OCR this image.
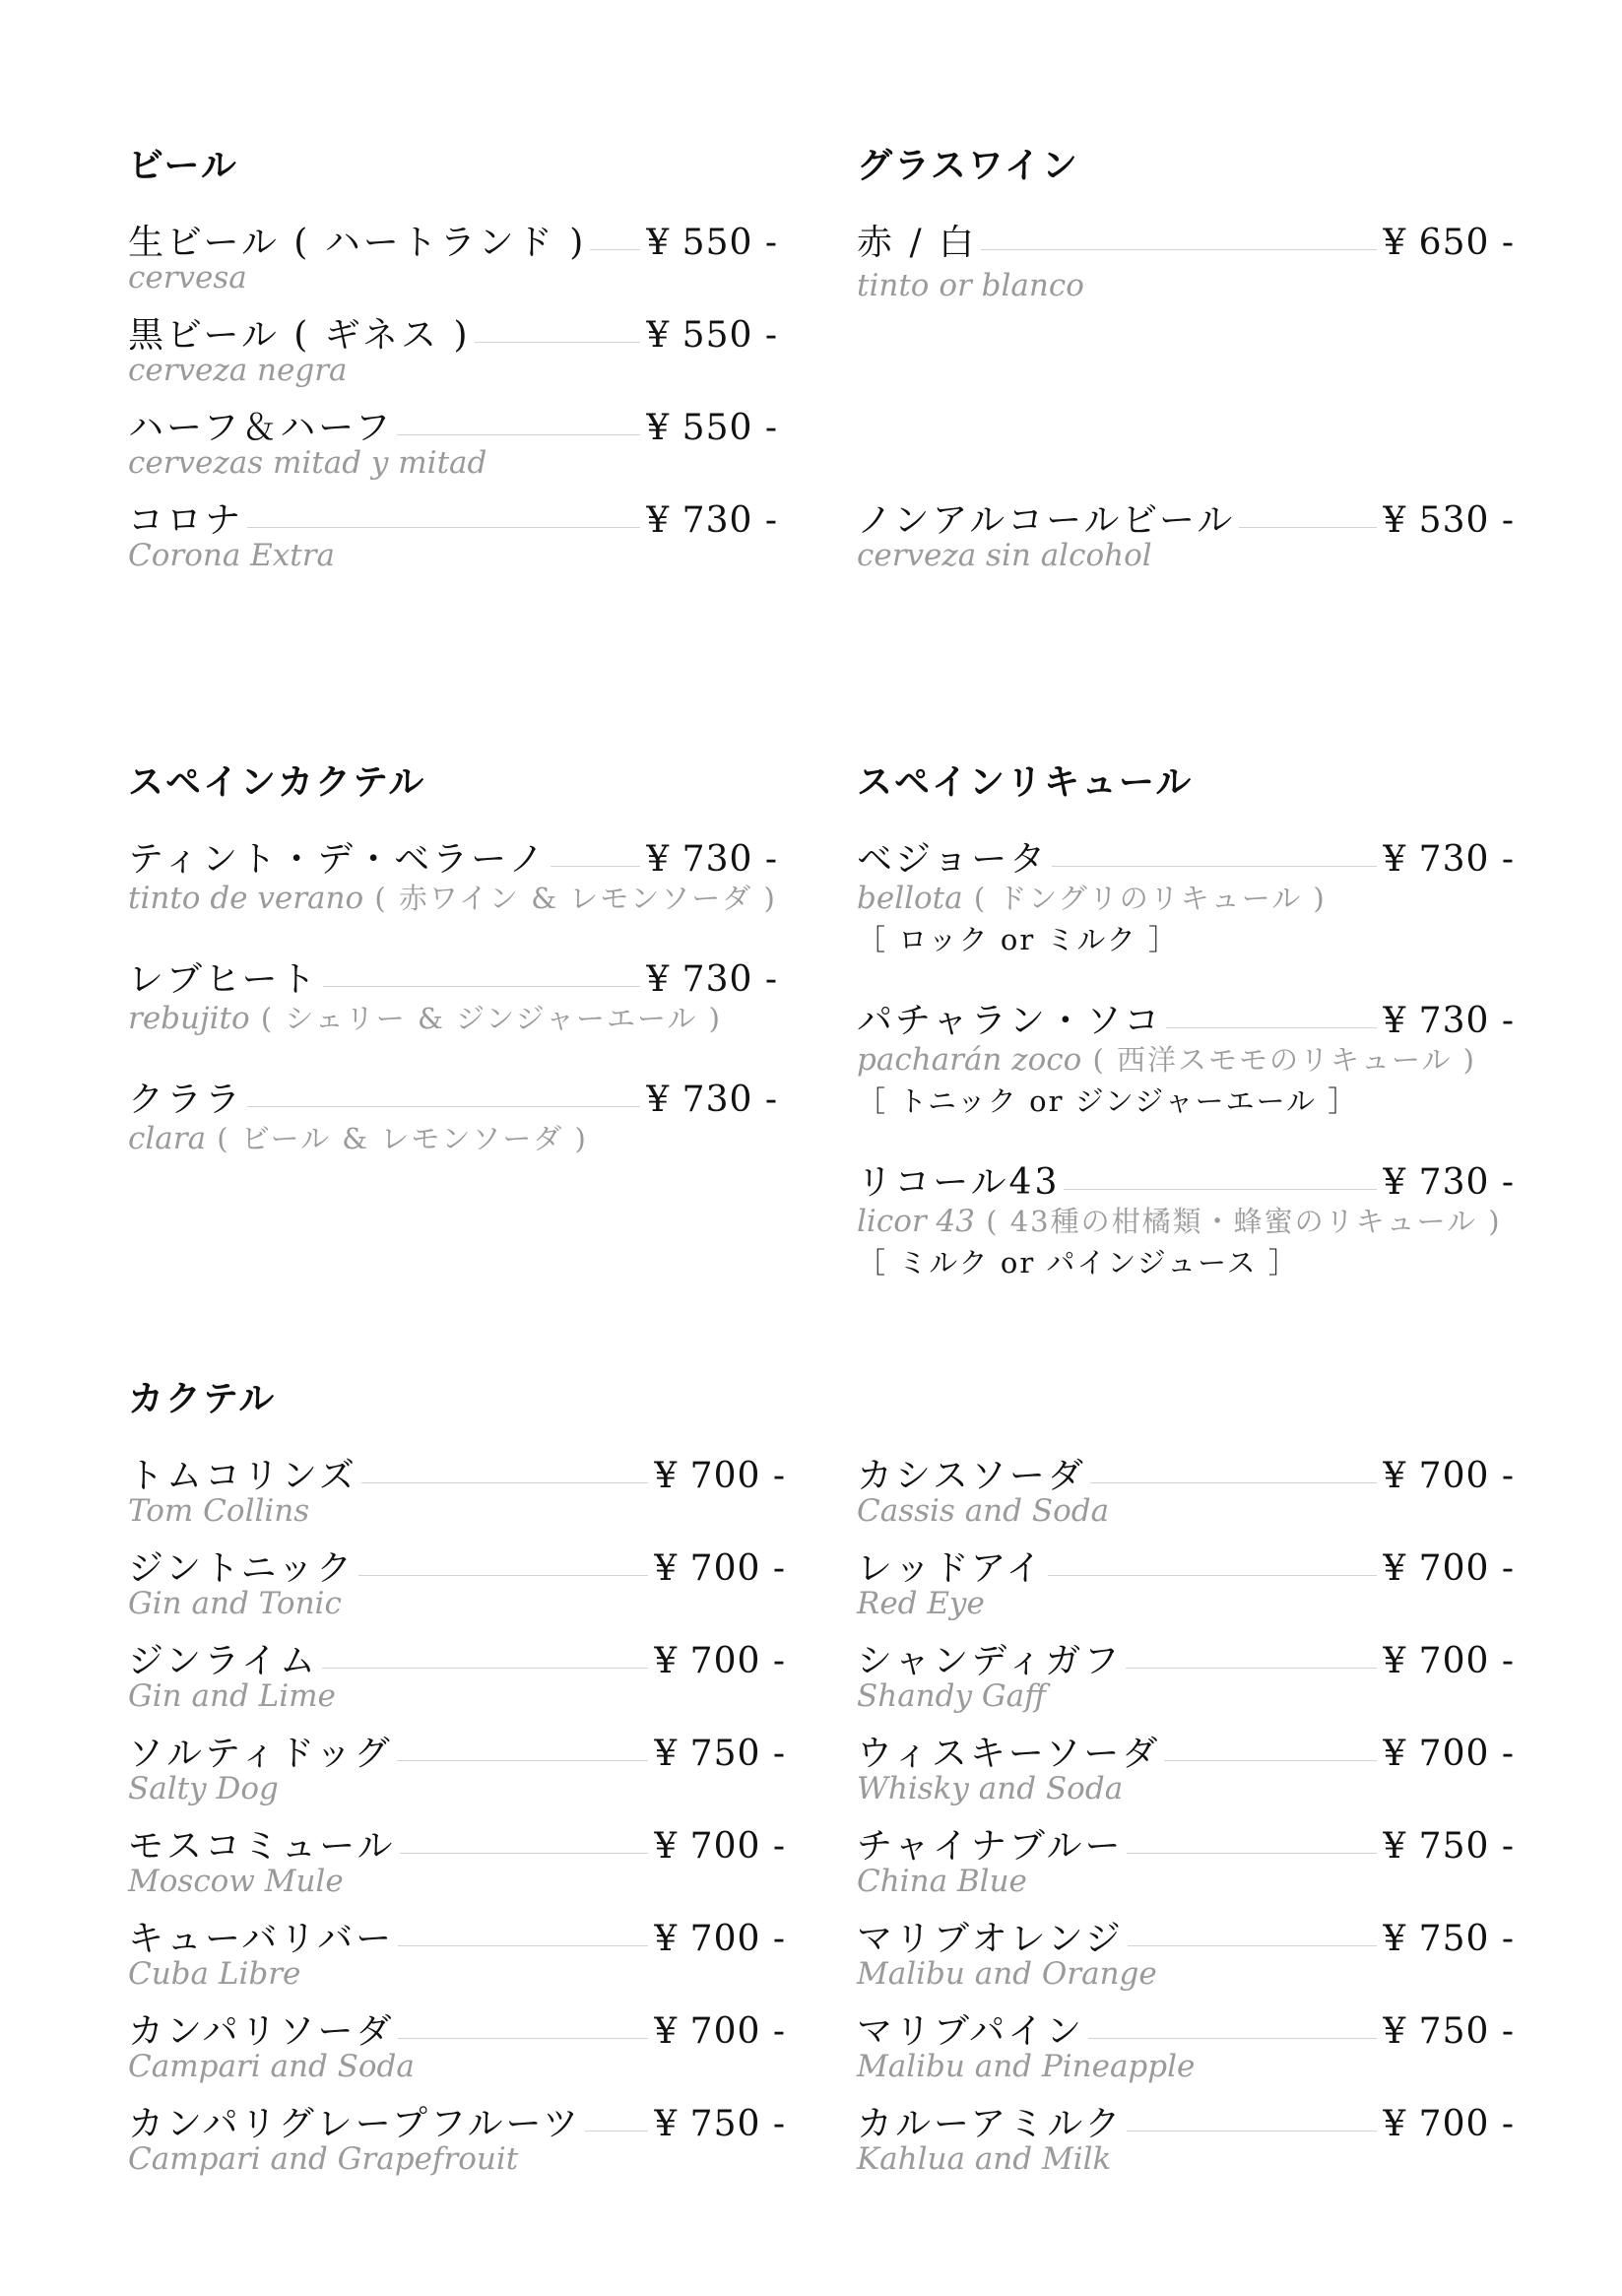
ビール
生ビール ( ハートランド ) ¥ 550 -
cervesa
黒ビール ( ギネス )	¥ 550 -
cerveza negra
ハーフ＆ハーフ	¥ 550 -
cervezas mitad y mitad
コロナ	¥ 730 -
Corona Extra
グラスワイン
赤 / 白	¥ 650 -
tinto or blanco
ノンアルコールビール	¥ 530 -
cerveza sin alcohol
スペインカクテル
ティント・デ・ベラーノ	¥ 730 -
tinto de verano ( 赤ワイン & レモンソーダ )
レブヒート	¥ 730 -
rebujito ( シェリー & ジンジャーエール )
クララ	¥ 730 -
clara ( ビール & レモンソーダ )
スペインリキュール
ベジョータ	¥ 730 -
bellota ( ドングリのリキュール )
［ ロック or ミルク ］
パチャラン・ソコ	¥ 730 -
pacharán zoco ( 西洋スモモのリキュール )
［ トニック or ジンジャーエール ］
リコール43	¥ 730 -
licor 43 ( 43種の柑橘類・蜂蜜のリキュール )
［ ミルク or パインジュース ］
カクテル
トムコリンズ	¥ 700 -
Tom Collins
ジントニック	¥ 700 -
Gin and Tonic
ジンライム	¥ 700 -
Gin and Lime
ソルティドッグ	¥ 750 -
Salty Dog
モスコミュール	¥ 700 -
Moscow Mule
キューバリバー	¥ 700 -
Cuba Libre
カンパリソーダ	¥ 700 -
Campari and Soda
カンパリグレープフルーツ ¥ 750 -
Campari and Grapefrouit
カシスソーダ	¥ 700 -
Cassis and Soda
レッドアイ	¥ 700 -
Red Eye
シャンディガフ	¥ 700 -
Shandy Gaff
ウィスキーソーダ	¥ 700 -
Whisky and Soda
チャイナブルー	¥ 750 -
China Blue
マリブオレンジ	¥ 750 -
Malibu and Orange
マリブパイン	¥ 750 -
Malibu and Pineapple
カルーアミルク	¥ 700 -
Kahlua and Milk
